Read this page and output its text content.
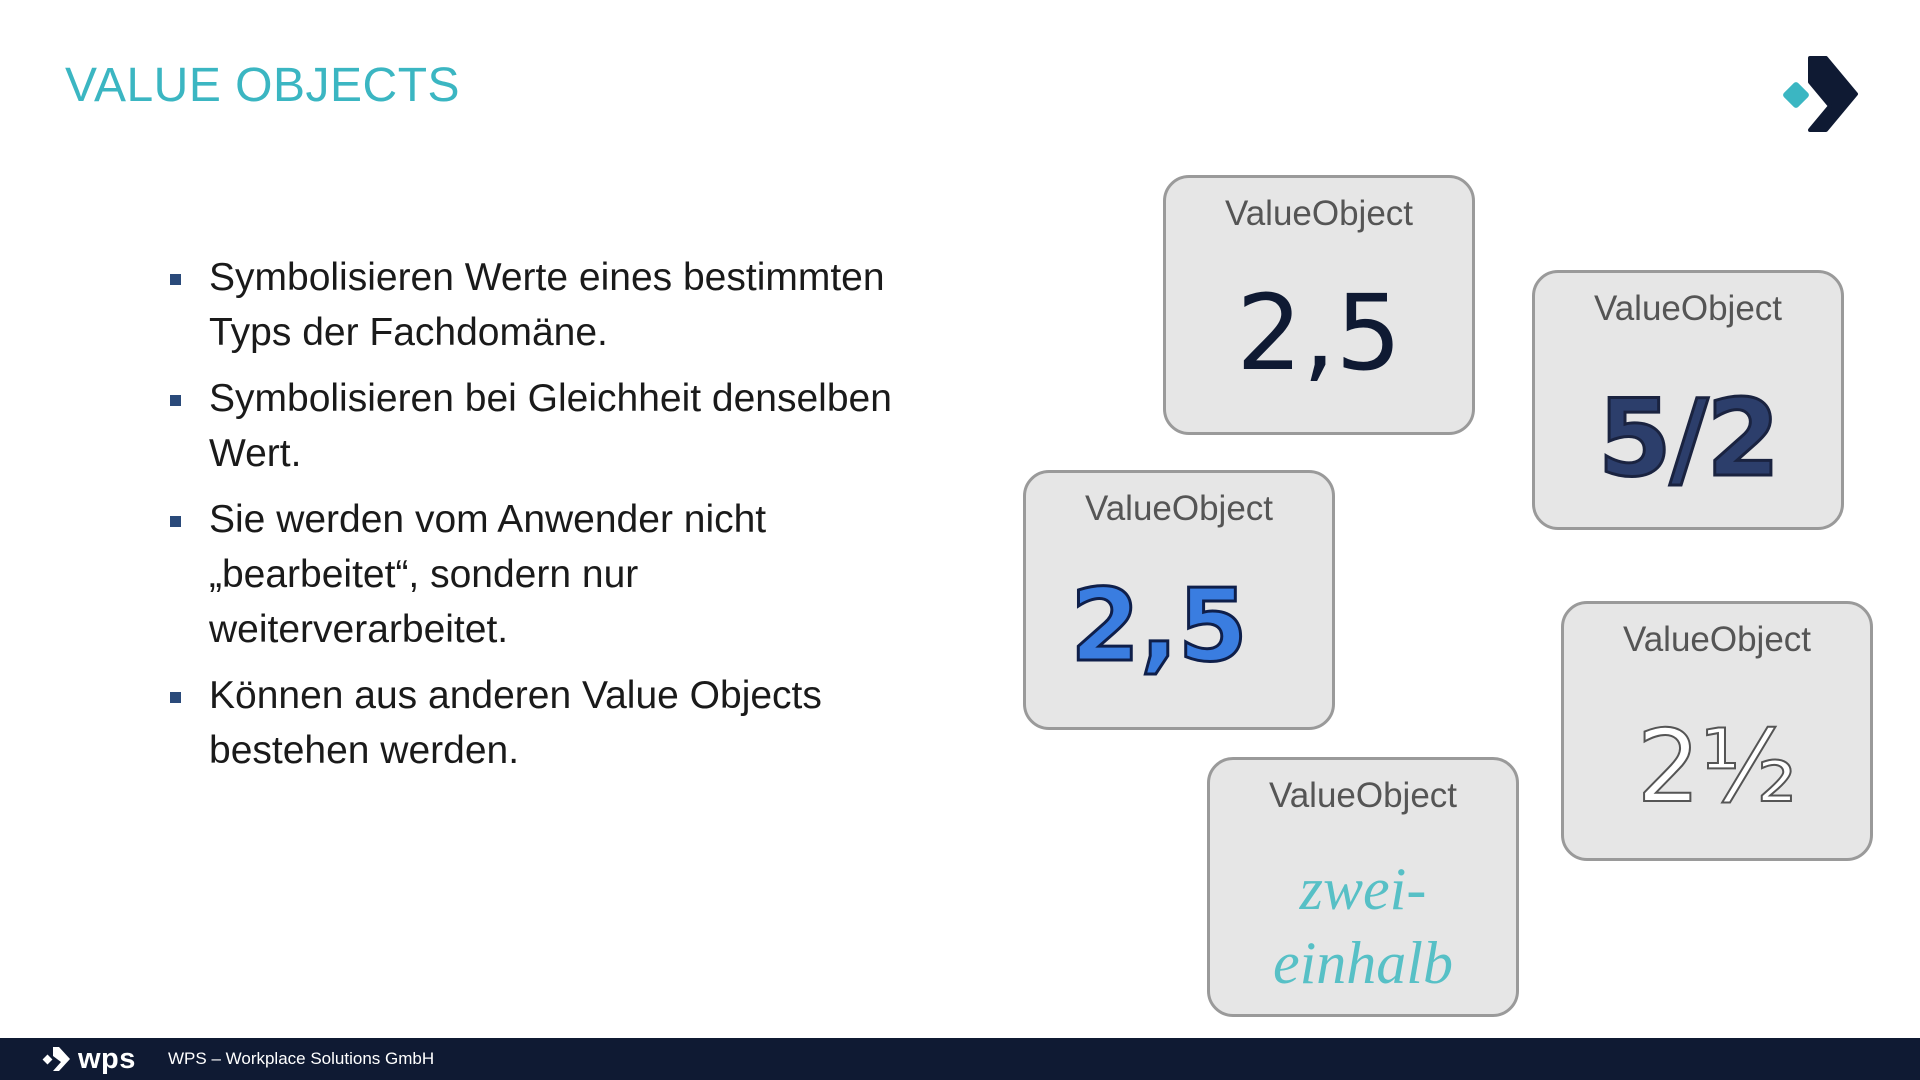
VALUE OBJECTS
Symbolisieren Werte eines bestimmten Typs der Fachdomäne.
Symbolisieren bei Gleichheit denselben Wert.
Sie werden vom Anwender nicht „bearbeitet“, sondern nur weiterverarbeitet.
Können aus anderen Value Objects bestehen werden.
ValueObject
2,5	ValueObject
5/2
ValueObject
2,5	ValueObject
2½
ValueObject
zwei-
einhalb
wps WPS – Workplace Solutions GmbH
